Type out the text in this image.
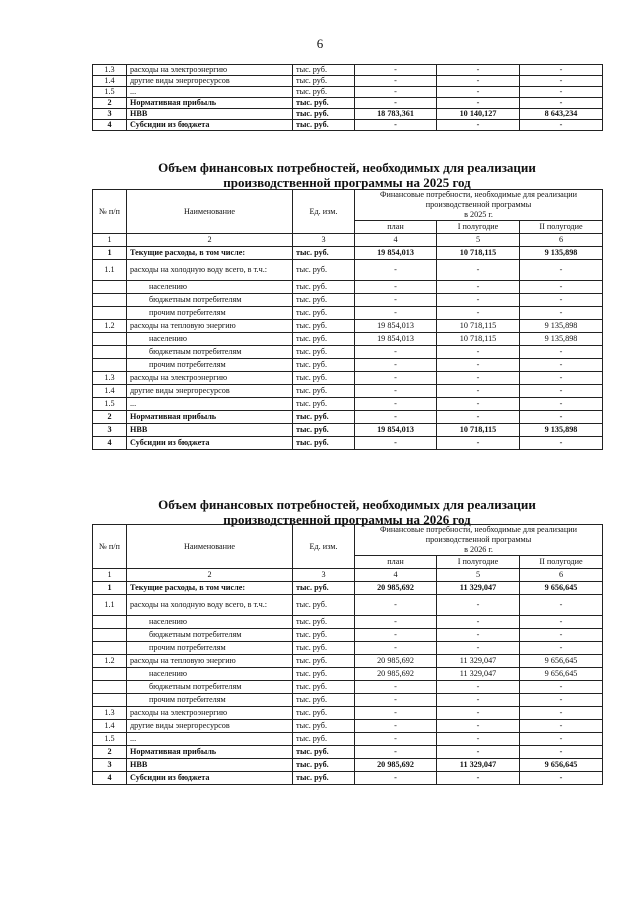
6
1.3	расходы на электроэнергию	тыс. руб.	-	-	-
1.4	другие виды энергоресурсов	тыс. руб.	-	-	-
1.5	...	тыс. руб.	-	-	-
2	Нормативная прибыль	тыс. руб.	-	-	-
3	НВВ	тыс. руб.	18 783,361	10 140,127	8 643,234
4	Субсидии из бюджета	тыс. руб.	-	-	-
Объем финансовых потребностей, необходимых для реализации
производственной программы на 2025 год
№ п/п	Наименование	Ед. изм.	Финансовые потребности, необходимые для реализации производственной программы
в 2025 г.		
			план	I полугодие	II полугодие
1	2	3	4	5	6
1	Текущие расходы, в том числе:	тыс. руб.	19 854,013	10 718,115	9 135,898
1.1	расходы на холодную воду всего, в т.ч.:	тыс. руб.	-	-	-
	населению	тыс. руб.	-	-	-
	бюджетным потребителям	тыс. руб.	-	-	-
	прочим потребителям	тыс. руб.	-	-	-
1.2	расходы на тепловую энергию	тыс. руб.	19 854,013	10 718,115	9 135,898
	населению	тыс. руб.	19 854,013	10 718,115	9 135,898
	бюджетным потребителям	тыс. руб.	-	-	-
	прочим потребителям	тыс. руб.	-	-	-
1.3	расходы на электроэнергию	тыс. руб.	-	-	-
1.4	другие виды энергоресурсов	тыс. руб.	-	-	-
1.5	...	тыс. руб.	-	-	-
2	Нормативная прибыль	тыс. руб.	-	-	-
3	НВВ	тыс. руб.	19 854,013	10 718,115	9 135,898
4	Субсидии из бюджета	тыс. руб.	-	-	-
Объем финансовых потребностей, необходимых для реализации
производственной программы на 2026 год
№ п/п	Наименование	Ед. изм.	Финансовые потребности, необходимые для реализации производственной программы
в 2026 г.		
			план	I полугодие	II полугодие
1	2	3	4	5	6
1	Текущие расходы, в том числе:	тыс. руб.	20 985,692	11 329,047	9 656,645
1.1	расходы на холодную воду всего, в т.ч.:	тыс. руб.	-	-	-
	населению	тыс. руб.	-	-	-
	бюджетным потребителям	тыс. руб.	-	-	-
	прочим потребителям	тыс. руб.	-	-	-
1.2	расходы на тепловую энергию	тыс. руб.	20 985,692	11 329,047	9 656,645
	населению	тыс. руб.	20 985,692	11 329,047	9 656,645
	бюджетным потребителям	тыс. руб.	-	-	-
	прочим потребителям	тыс. руб.	-	-	-
1.3	расходы на электроэнергию	тыс. руб.	-	-	-
1.4	другие виды энергоресурсов	тыс. руб.	-	-	-
1.5	...	тыс. руб.	-	-	-
2	Нормативная прибыль	тыс. руб.	-	-	-
3	НВВ	тыс. руб.	20 985,692	11 329,047	9 656,645
4	Субсидии из бюджета	тыс. руб.	-	-	-
